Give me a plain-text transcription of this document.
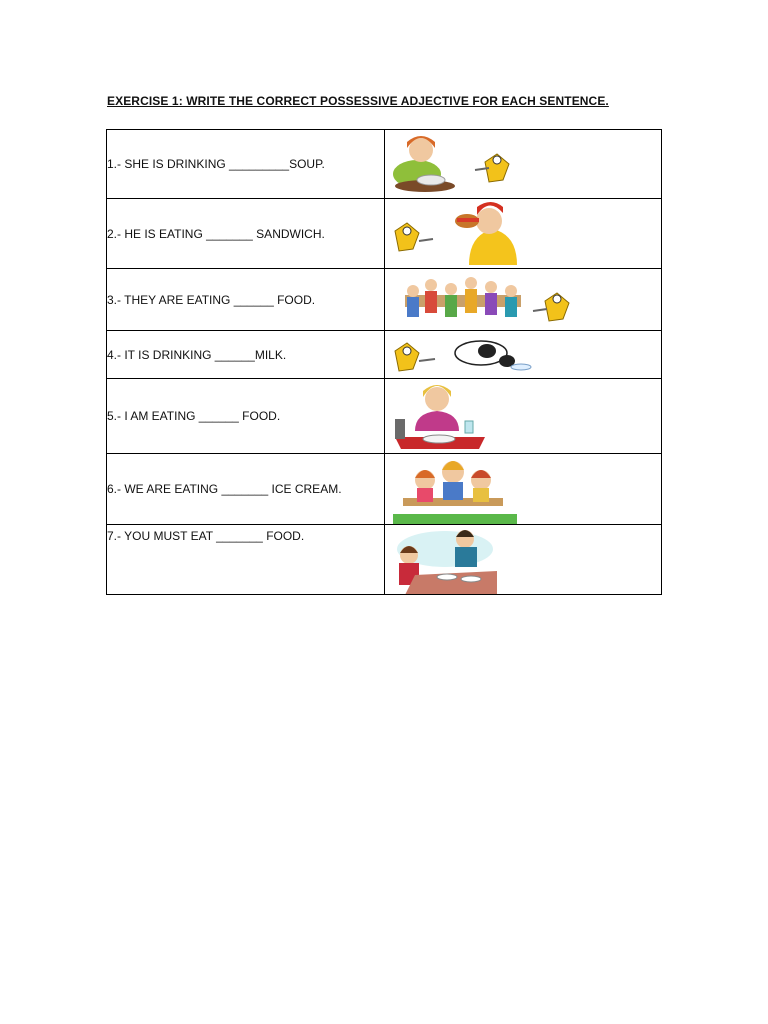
EXERCISE 1: WRITE THE CORRECT POSSESSIVE ADJECTIVE FOR EACH SENTENCE.
1.- SHE IS DRINKING _________SOUP.	

2.- HE IS EATING _______ SANDWICH.	

3.- THEY ARE EATING ______ FOOD.	

4.- IT IS DRINKING ______MILK.	

5.- I AM EATING ______ FOOD.	

6.- WE ARE EATING _______ ICE CREAM.	

7.- YOU MUST EAT _______ FOOD.	
